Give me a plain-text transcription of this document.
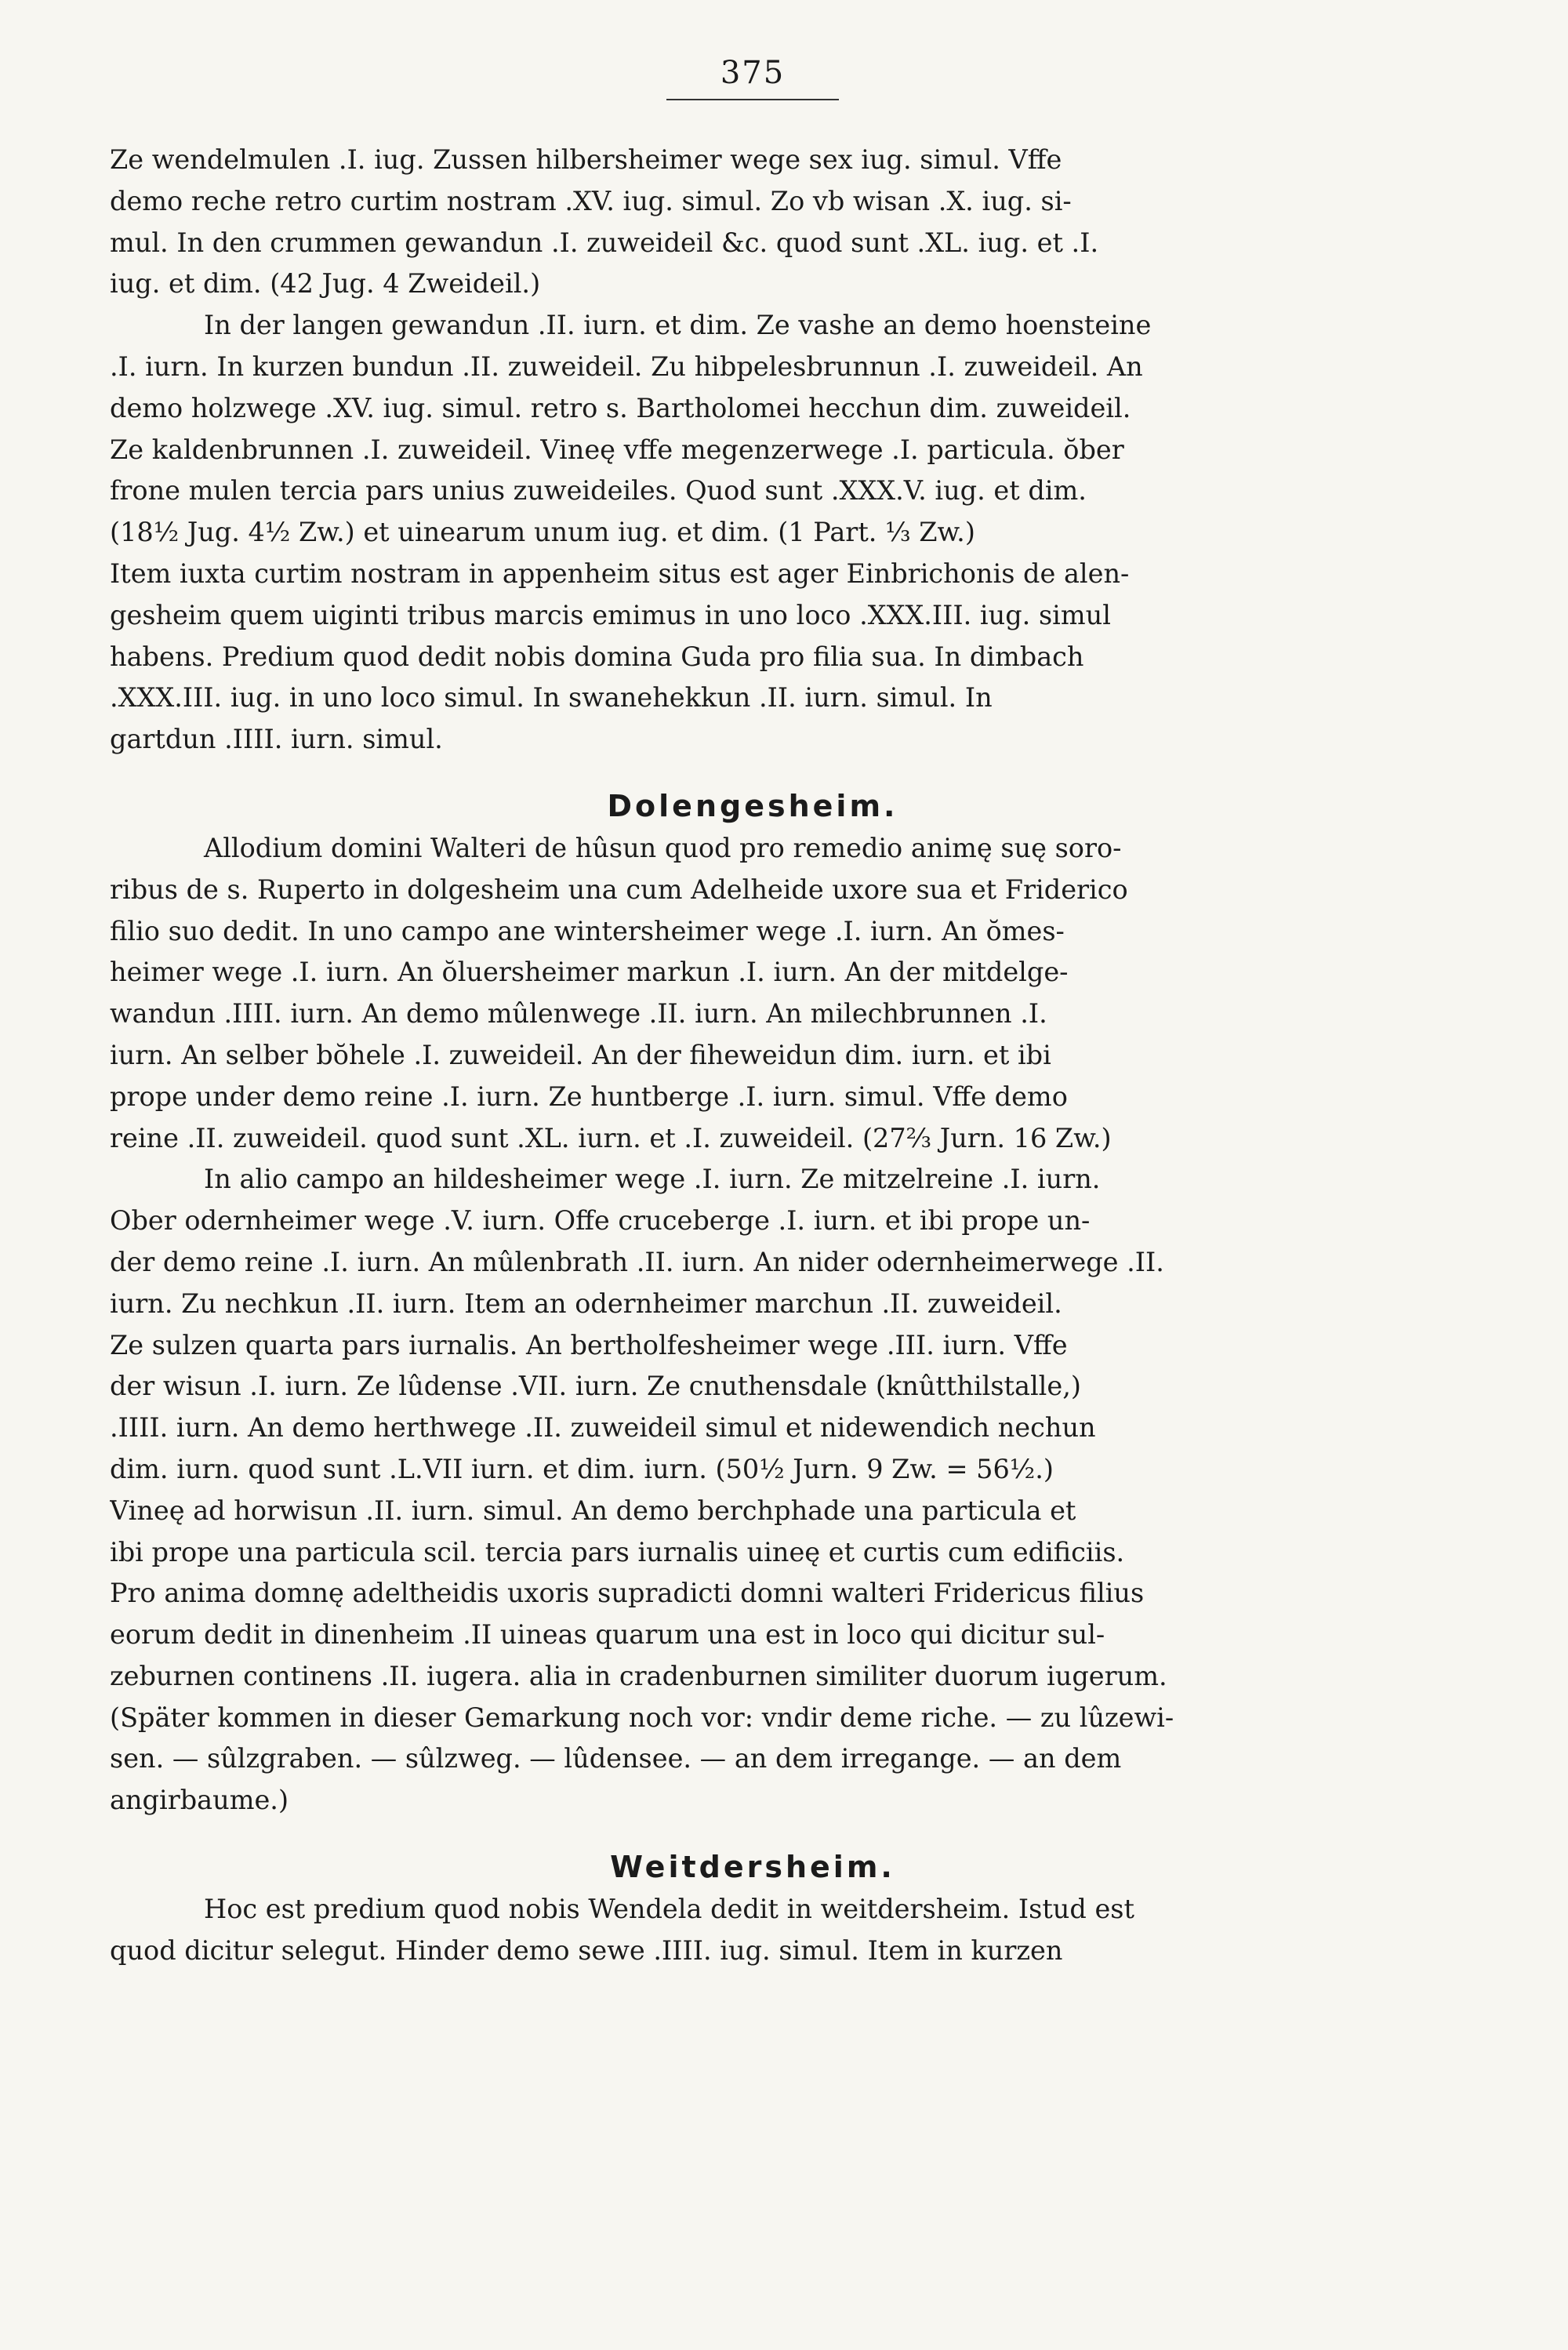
375
Ze wendelmulen .I. iug. Zussen hilbersheimer wege sex iug. simul. Vffe
demo reche retro curtim nostram .XV. iug. simul. Zo vb wisan .X. iug. si-
mul. In den crummen gewandun .I. zuweideil &c. quod sunt .XL. iug. et .I.
iug. et dim. (42 Jug. 4 Zweideil.)
In der langen gewandun .II. iurn. et dim. Ze vashe an demo hoensteine
.I. iurn. In kurzen bundun .II. zuweideil. Zu hibpelesbrunnun .I. zuweideil. An
demo holzwege .XV. iug. simul. retro s. Bartholomei hecchun dim. zuweideil.
Ze kaldenbrunnen .I. zuweideil. Vineę vffe megenzerwege .I. particula. ŏber
frone mulen tercia pars unius zuweideiles. Quod sunt .XXX.V. iug. et dim.
(18½ Jug. 4½ Zw.) et uinearum unum iug. et dim. (1 Part. ⅓ Zw.)
Item iuxta curtim nostram in appenheim situs est ager Einbrichonis de alen-
gesheim quem uiginti tribus marcis emimus in uno loco .XXX.III. iug. simul
habens. Predium quod dedit nobis domina Guda pro filia sua. In dimbach
.XXX.III. iug. in uno loco simul. In swanehekkun .II. iurn. simul. In
gartdun .IIII. iurn. simul.
Dolengesheim.
Allodium domini Walteri de hûsun quod pro remedio animę suę soro-
ribus de s. Ruperto in dolgesheim una cum Adelheide uxore sua et Friderico
filio suo dedit. In uno campo ane wintersheimer wege .I. iurn. An ŏmes-
heimer wege .I. iurn. An ŏluersheimer markun .I. iurn. An der mitdelge-
wandun .IIII. iurn. An demo mûlenwege .II. iurn. An milechbrunnen .I.
iurn. An selber bŏhele .I. zuweideil. An der fiheweidun dim. iurn. et ibi
prope under demo reine .I. iurn. Ze huntberge .I. iurn. simul. Vffe demo
reine .II. zuweideil. quod sunt .XL. iurn. et .I. zuweideil. (27⅔ Jurn. 16 Zw.)
In alio campo an hildesheimer wege .I. iurn. Ze mitzelreine .I. iurn.
Ober odernheimer wege .V. iurn. Offe cruceberge .I. iurn. et ibi prope un-
der demo reine .I. iurn. An mûlenbrath .II. iurn. An nider odernheimerwege .II.
iurn. Zu nechkun .II. iurn. Item an odernheimer marchun .II. zuweideil.
Ze sulzen quarta pars iurnalis. An bertholfesheimer wege .III. iurn. Vffe
der wisun .I. iurn. Ze lûdense .VII. iurn. Ze cnuthensdale (knûtthilstalle,)
.IIII. iurn. An demo herthwege .II. zuweideil simul et nidewendich nechun
dim. iurn. quod sunt .L.VII iurn. et dim. iurn. (50½ Jurn. 9 Zw. = 56½.)
Vineę ad horwisun .II. iurn. simul. An demo berchphade una particula et
ibi prope una particula scil. tercia pars iurnalis uineę et curtis cum edificiis.
Pro anima domnę adeltheidis uxoris supradicti domni walteri Fridericus filius
eorum dedit in dinenheim .II uineas quarum una est in loco qui dicitur sul-
zeburnen continens .II. iugera. alia in cradenburnen similiter duorum iugerum.
(Später kommen in dieser Gemarkung noch vor: vndir deme riche. — zu lûzewi-
sen. — sûlzgraben. — sûlzweg. — lûdensee. — an dem irregange. — an dem
angirbaume.)
Weitdersheim.
Hoc est predium quod nobis Wendela dedit in weitdersheim. Istud est
quod dicitur selegut. Hinder demo sewe .IIII. iug. simul. Item in kurzen
